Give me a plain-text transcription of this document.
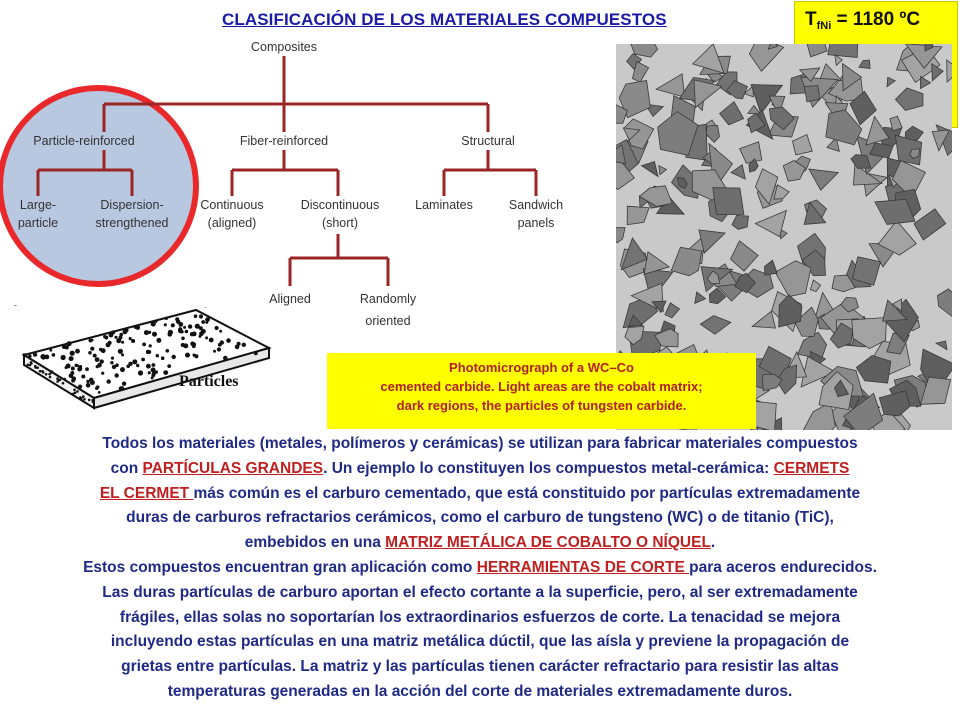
CLASIFICACIÓN DE LOS MATERIALES COMPUESTOS	$T_{fNi} = 1180$ ºC
Composites
Particle-reinforced	Fiber-reinforced	Structural
Large-
particle
Dispersion-
strengthened
Continuous
(aligned)
Discontinuous
(short)
Laminates	Sandwich
panels
Aligned	Randomly
oriented
Particles
-	.
Photomicrograph of a WC–Co
cemented carbide. Light areas are the cobalt matrix;
dark regions, the particles of tungsten carbide.

Todos los materiales (metales, polímeros y cerámicas) se utilizan para fabricar materiales compuestos

con PARTÍCULAS GRANDES. Un ejemplo lo constituyen los compuestos metal-cerámica: CERMETS

EL CERMET más común es el carburo cementado, que está constituido por partículas extremadamente

duras de carburos refractarios cerámicos, como el carburo de tungsteno (WC) o de titanio (TiC),

embebidos en una MATRIZ METÁLICA DE COBALTO O NÍQUEL.

Estos compuestos encuentran gran aplicación como HERRAMIENTAS DE CORTE para aceros endurecidos.

Las duras partículas de carburo aportan el efecto cortante a la superficie, pero, al ser extremadamente

frágiles, ellas solas no soportarían los extraordinarios esfuerzos de corte. La tenacidad se mejora

incluyendo estas partículas en una matriz metálica dúctil, que las aísla y previene la propagación de

grietas entre partículas. La matriz y las partículas tienen carácter refractario para resistir las altas

temperaturas generadas en la acción del corte de materiales extremadamente duros.
